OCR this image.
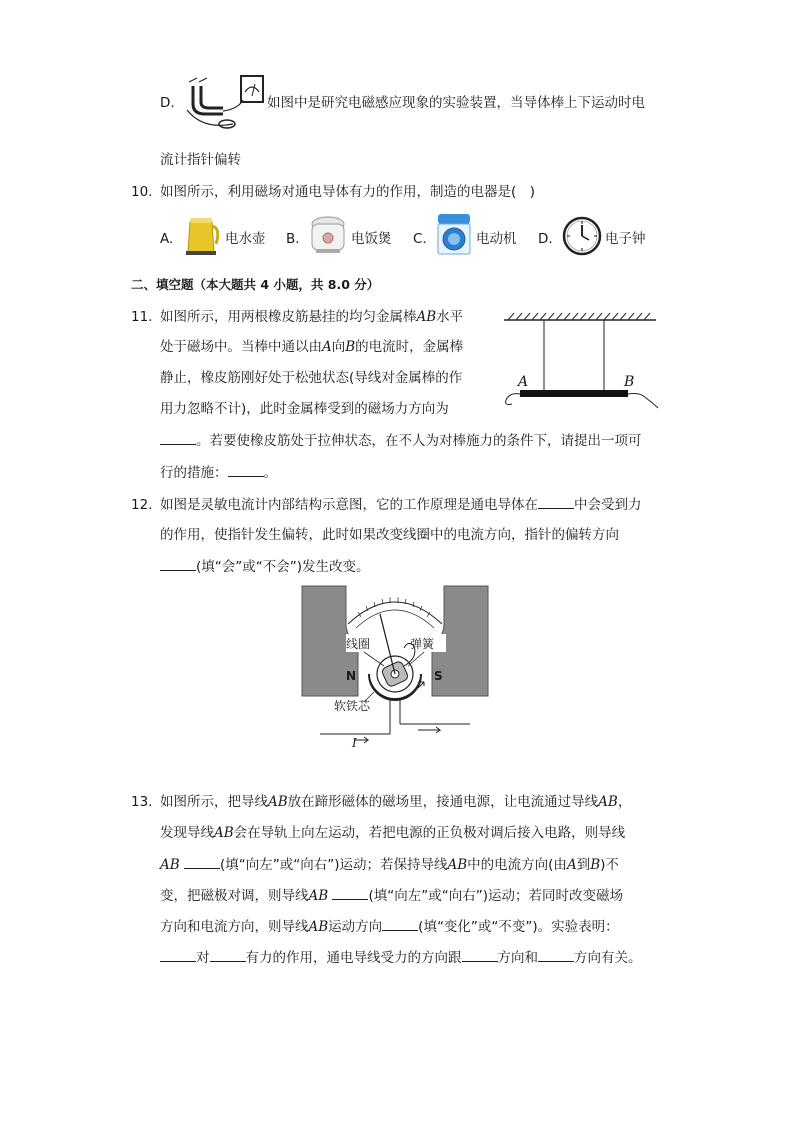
D.	如图中是研究电磁感应现象的实验装置，当导体棒上下运动时电
流计指针偏转
10. 如图所示，利用磁场对通电导体有力的作用，制造的电器是(　)
A.	电水壶 B.	电饭煲 C.	电动机 D.	电子钟
二、填空题（本大题共 4 小题，共 8.0 分）
11. 如图所示，用两根橡皮筋悬挂的均匀金属棒AB水平
处于磁场中。当棒中通以由A向B的电流时，金属棒
静止，橡皮筋刚好处于松弛状态(导线对金属棒的作
用力忽略不计)，此时金属棒受到的磁场力方向为
。若要使橡皮筋处于拉伸状态，在不人为对棒施力的条件下，请提出一项可
行的措施：	。
A	B
12. 如图是灵敏电流计内部结构示意图，它的工作原理是通电导体在	中会受到力
的作用，使指针发生偏转，此时如果改变线圈中的电流方向，指针的偏转方向
(填“会”或“不会”)发生改变。
线圈	弹簧
N	S
软铁芯
I
13. 如图所示，把导线AB放在蹄形磁体的磁场里，接通电源，让电流通过导线AB，
发现导线AB会在导轨上向左运动，若把电源的正负极对调后接入电路，则导线
AB	(填“向左”或“向右”)运动；若保持导线AB中的电流方向(由A到B)不
变，把磁极对调，则导线AB	(填“向左”或“向右”)运动；若同时改变磁场
方向和电流方向，则导线AB运动方向	(填“变化”或“不变”)。实验表明：
对	有力的作用，通电导线受力的方向跟	方向和	方向有关。
